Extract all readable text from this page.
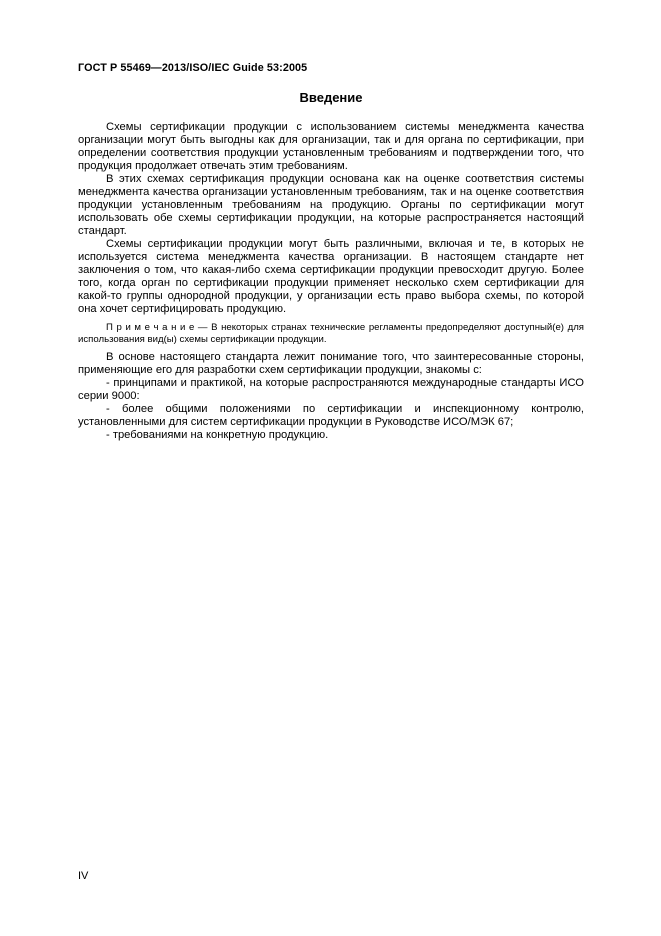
ГОСТ Р 55469—2013/ISO/IEC Guide 53:2005
Введение

Схемы сертификации продукции с использованием системы менеджмента качества организации могут быть выгодны как для организации, так и для органа по сертификации, при определении соответствия продукции установленным требованиям и подтверждении того, что продукция продолжает отвечать этим требованиям.

В этих схемах сертификация продукции основана как на оценке соответствия системы менеджмента качества организации установленным требованиям, так и на оценке соответствия продукции установленным требованиям на продукцию. Органы по сертификации могут использовать обе схемы сертификации продукции, на которые распространяется настоящий стандарт.

Схемы сертификации продукции могут быть различными, включая и те, в которых не используется система менеджмента качества организации. В настоящем стандарте нет заключения о том, что какая-либо схема сертификации продукции превосходит другую. Более того, когда орган по сертификации продукции применяет несколько схем сертификации для какой-то группы однородной продукции, у организации есть право выбора схемы, по которой она хочет сертифицировать продукцию.

П р и м е ч а н и е — В некоторых странах технические регламенты предопределяют доступный(е) для использования вид(ы) схемы сертификации продукции.

В основе настоящего стандарта лежит понимание того, что заинтересованные стороны, применяющие его для разработки схем сертификации продукции, знакомы с:

- принципами и практикой, на которые распространяются международные стандарты ИСО серии 9000:

- более общими положениями по сертификации и инспекционному контролю, установленными для систем сертификации продукции в Руководстве ИСО/МЭК 67;

- требованиями на конкретную продукцию.

IV
